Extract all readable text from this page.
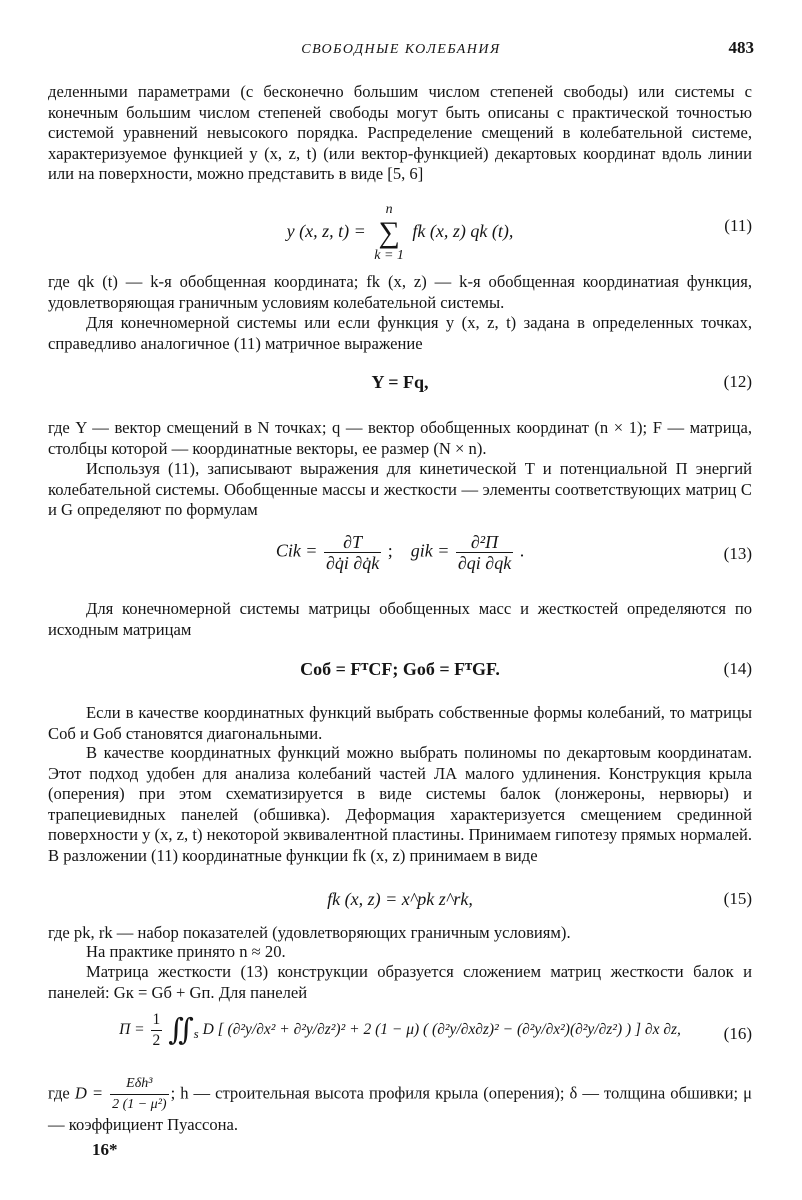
СВОБОДНЫЕ КОЛЕБАНИЯ	483
деленными параметрами (с бесконечно большим числом степеней свободы) или системы с конечным большим числом степеней свободы могут быть описаны с практической точностью системой уравнений невысокого порядка. Распределение смещений в колебательной системе, характеризуемое функцией y (x, z, t) (или вектор-функцией) декартовых координат вдоль линии или на поверхности, можно представить в виде [5, 6]
y (x, z, t) =
n
∑
k = 1
fk (x, z) qk (t),	(11)
где qk (t) — k-я обобщенная координата; fk (x, z) — k-я обобщенная координатиая функция, удовлетворяющая граничным условиям колебательной системы.
Для конечномерной системы или если функция y (x, z, t) задана в определенных точках, справедливо аналогичное (11) матричное выражение
Y = Fq,	(12)
где Y — вектор смещений в N точках; q — вектор обобщенных координат (n × 1); F — матрица, столбцы которой — координатные векторы, ее размер (N × n).
Используя (11), записывают выражения для кинетической T и потенциальной П энергий колебательной системы. Обобщенные массы и жесткости — элементы соответствующих матриц C и G определяют по формулам
Cik = $\frac{\partial T}{\partial q̇i \partial q̇k}$ ; gik = $\frac{\text{∂²П}}{\partial qi \partial qk}$ .	(13)
Для конечномерной системы матрицы обобщенных масс и жесткостей определяются по исходным матрицам
Cоб = FᵀCF; Gоб = FᵀGF.	(14)
Если в качестве координатных функций выбрать собственные формы колебаний, то матрицы Cоб и Gоб становятся диагональными.
В качестве координатных функций можно выбрать полиномы по декартовым координатам. Этот подход удобен для анализа колебаний частей ЛА малого удлинения. Конструкция крыла (оперения) при этом схематизируется в виде системы балок (лонжероны, нервюры) и трапециевидных панелей (обшивка). Деформация характеризуется смещением срединной поверхности y (x, z, t) некоторой эквивалентной пластины. Принимаем гипотезу прямых нормалей. В разложении (11) координатные функции fk (x, z) принимаем в виде
fk (x, z) = x^pk z^rk,	(15)
где pk, rk — набор показателей (удовлетворяющих граничным условиям).
На практике принято n ≈ 20.
Матрица жесткости (13) конструкции образуется сложением матриц жесткости балок и панелей: Gк = Gб + Gп. Для панелей
$П = \frac{1}{2}$ $∬_s$ D [ (∂²y/∂x² + ∂²y/∂z²)² + 2 (1 − μ) ( (∂²y/∂x∂z)² − (∂²y/∂x²)(∂²y/∂z²) ) ] ∂x ∂z,	(16)
где $D = \frac{\text{Eδh³}}{\text{2 (1 − μ²)}}$ ; h — строительная высота профиля крыла (оперения); δ — толщина обшивки; μ — коэффициент Пуассона.
16*
